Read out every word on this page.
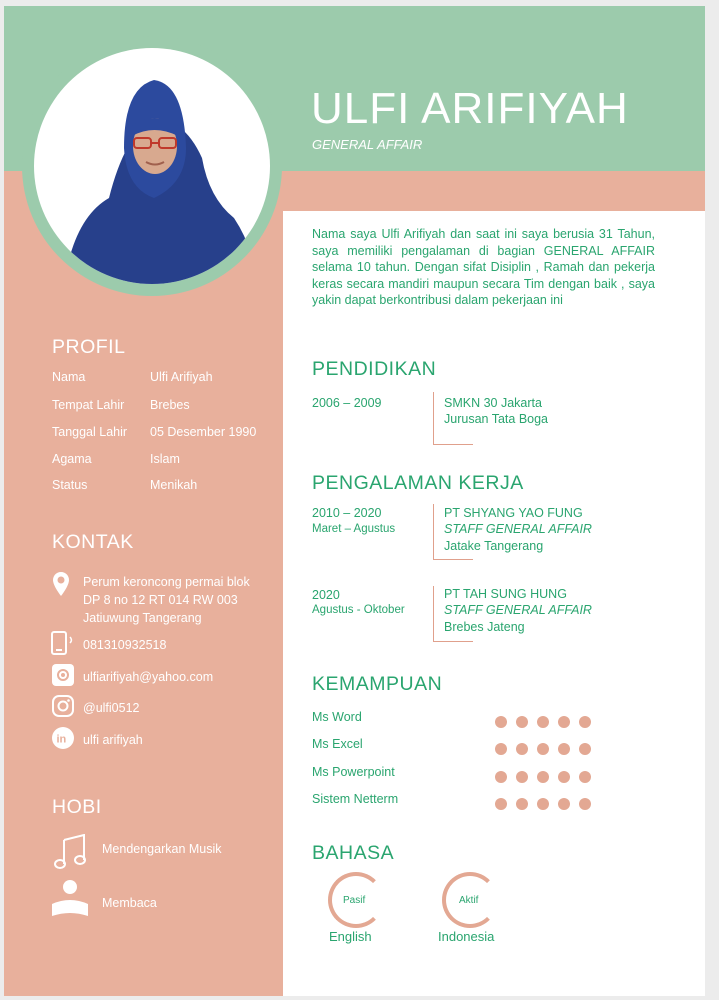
ULFI ARIFIYAH
GENERAL AFFAIR
Nama saya Ulfi Arifiyah dan saat ini saya berusia 31 Tahun, saya memiliki pengalaman di bagian GENERAL AFFAIR selama 10 tahun. Dengan sifat Disiplin , Ramah dan pekerja keras secara mandiri maupun secara Tim dengan baik , saya yakin dapat berkontribusi dalam pekerjaan ini
PROFIL
Nama	Ulfi Arifiyah
Tempat Lahir Brebes
Tanggal Lahir 05 Desember 1990
Agama	Islam
Status	Menikah
KONTAK
Perum keroncong permai blok
DP 8 no 12 RT 014 RW 003
Jatiuwung Tangerang
081310932518
ulfiarifiyah@yahoo.com
@ulfi0512
in ulfi arifiyah
HOBI
Mendengarkan Musik
Membaca
PENDIDIKAN
2006 – 2009	SMKN 30 Jakarta
Jurusan Tata Boga
PENGALAMAN KERJA
2010 – 2020
Maret – Agustus
PT SHYANG YAO FUNG
STAFF GENERAL AFFAIR
Jatake Tangerang
2020
Agustus - Oktober
PT TAH SUNG HUNG
STAFF GENERAL AFFAIR
Brebes Jateng
KEMAMPUAN
Ms Word
Ms Excel
Ms Powerpoint
Sistem Netterm
BAHASA
Pasif
English
Aktif
Indonesia
